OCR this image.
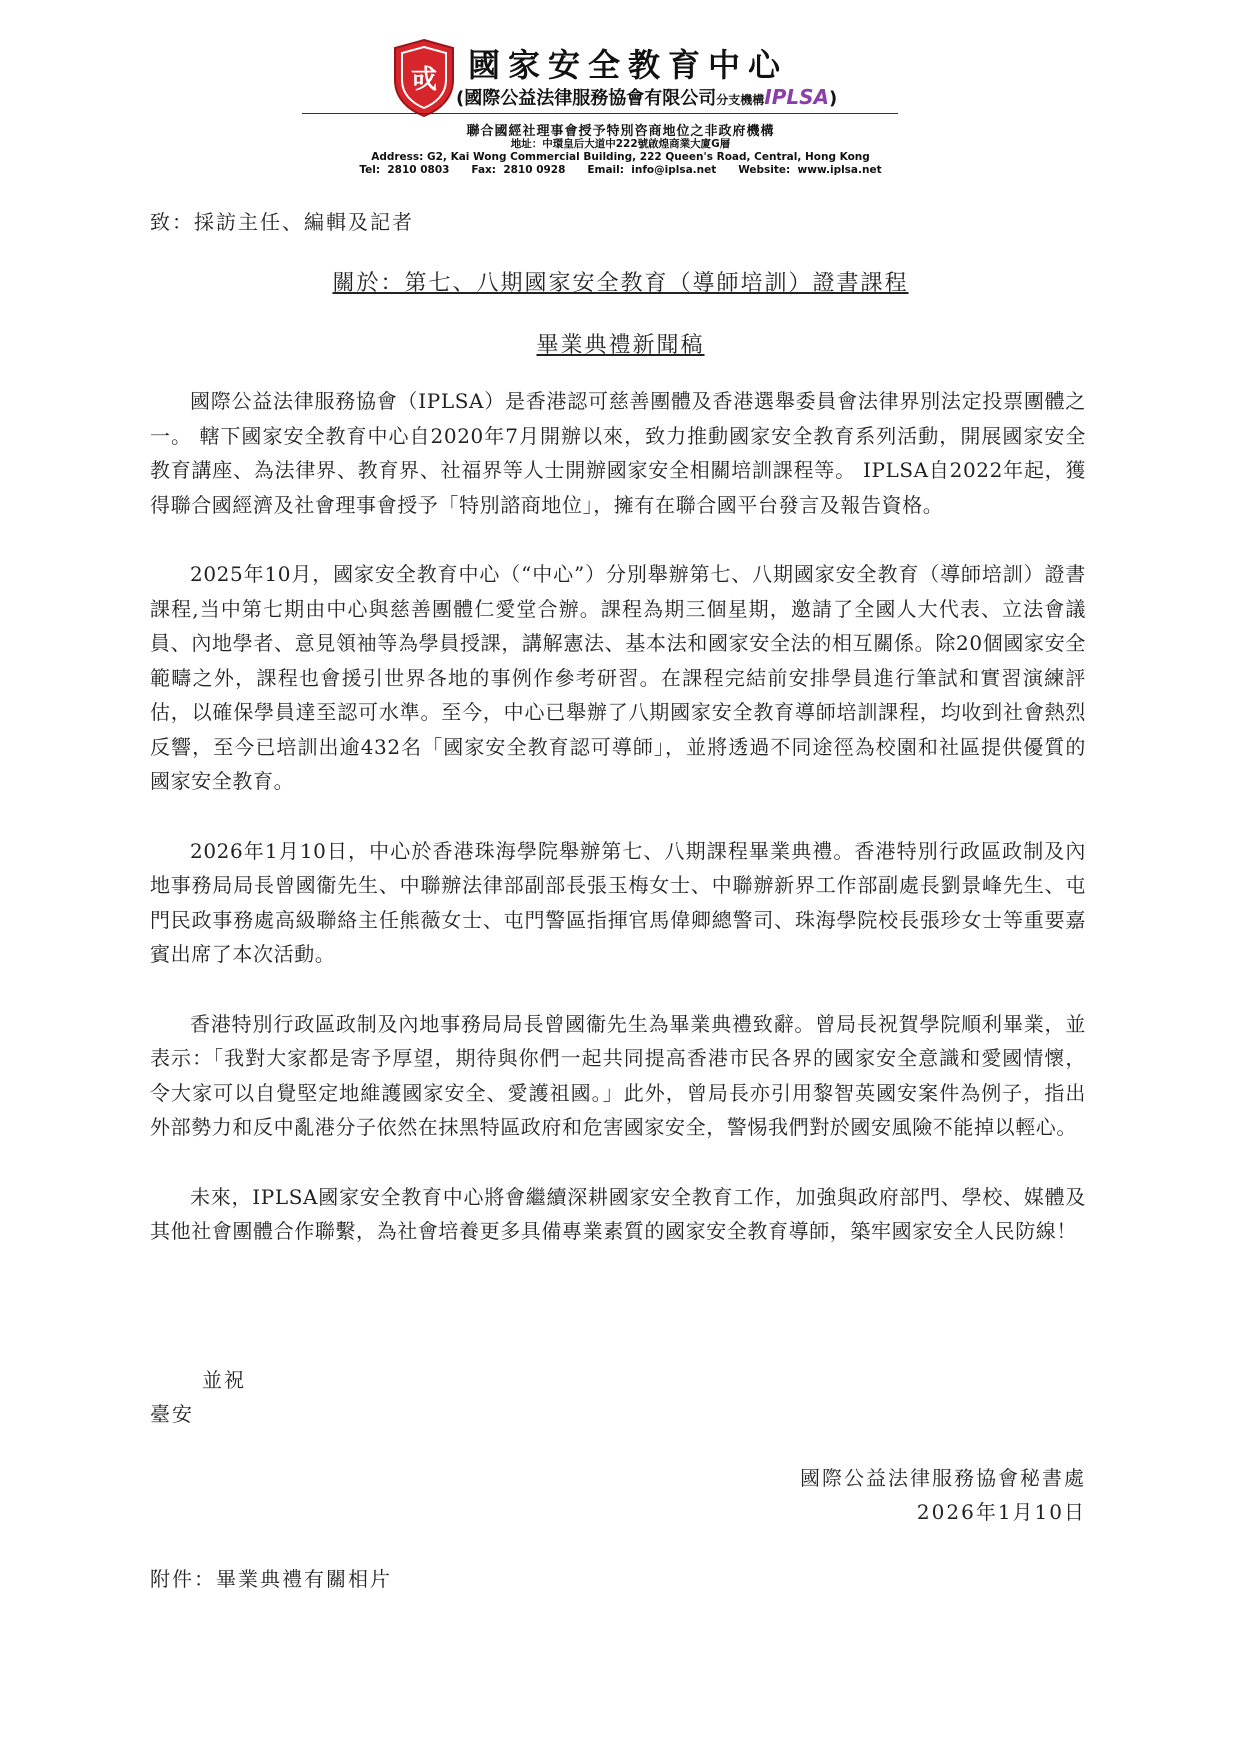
戓 國家安全教育中心
(國際公益法律服務協會有限公司分支機構IPLSA)
聯合國經社理事會授予特別咨商地位之非政府機構
地址：中環皇后大道中222號啟煌商業大廈G層
Address: G2, Kai Wong Commercial Building, 222 Queen's Road, Central, Hong Kong
Tel:  2810 0803      Fax:  2810 0928      Email:  info@iplsa.net      Website:  www.iplsa.net
致：採訪主任、編輯及記者
關於：第七、八期國家安全教育（導師培訓）證書課程
畢業典禮新聞稿

國際公益法律服務協會（IPLSA）是香港認可慈善團體及香港選舉委員會法律界別法定投票團體之一。 轄下國家安全教育中心自2020年7月開辦以來，致力推動國家安全教育系列活動，開展國家安全教育講座、為法律界、教育界、社福界等人士開辦國家安全相關培訓課程等。 IPLSA自2022年起，獲得聯合國經濟及社會理事會授予「特別諮商地位」，擁有在聯合國平台發言及報告資格。

2025年10月，國家安全教育中心（“中心”）分別舉辦第七、八期國家安全教育（導師培訓）證書課程,当中第七期由中心與慈善團體仁愛堂合辦。課程為期三個星期，邀請了全國人大代表、立法會議員、內地學者、意見領袖等為學員授課，講解憲法、基本法和國家安全法的相互關係。除20個國家安全範疇之外，課程也會援引世界各地的事例作參考研習。在課程完結前安排學員進行筆試和實習演練評估，以確保學員達至認可水準。至今，中心已舉辦了八期國家安全教育導師培訓課程，均收到社會熱烈反響，至今已培訓出逾432名「國家安全教育認可導師」，並將透過不同途徑為校園和社區提供優質的國家安全教育。

2026年1月10日，中心於香港珠海學院舉辦第七、八期課程畢業典禮。香港特別行政區政制及內地事務局局長曾國衞先生、中聯辦法律部副部長張玉梅女士、中聯辦新界工作部副處長劉景峰先生、屯門民政事務處高級聯絡主任熊薇女士、屯門警區指揮官馬偉卿總警司、珠海學院校長張珍女士等重要嘉賓出席了本次活動。

香港特別行政區政制及內地事務局局長曾國衞先生為畢業典禮致辭。曾局長祝賀學院順利畢業，並表示：「我對大家都是寄予厚望，期待與你們一起共同提高香港市民各界的國家安全意識和愛國情懷，令大家可以自覺堅定地維護國家安全、愛護祖國。」此外，曾局長亦引用黎智英國安案件為例子，指出外部勢力和反中亂港分子依然在抹黑特區政府和危害國家安全，警惕我們對於國安風險不能掉以輕心。

未來，IPLSA國家安全教育中心將會繼續深耕國家安全教育工作，加強與政府部門、學校、媒體及其他社會團體合作聯繫，為社會培養更多具備專業素質的國家安全教育導師，築牢國家安全人民防線！

並祝
臺安
國際公益法律服務協會秘書處
2026年1月10日
附件：畢業典禮有關相片
